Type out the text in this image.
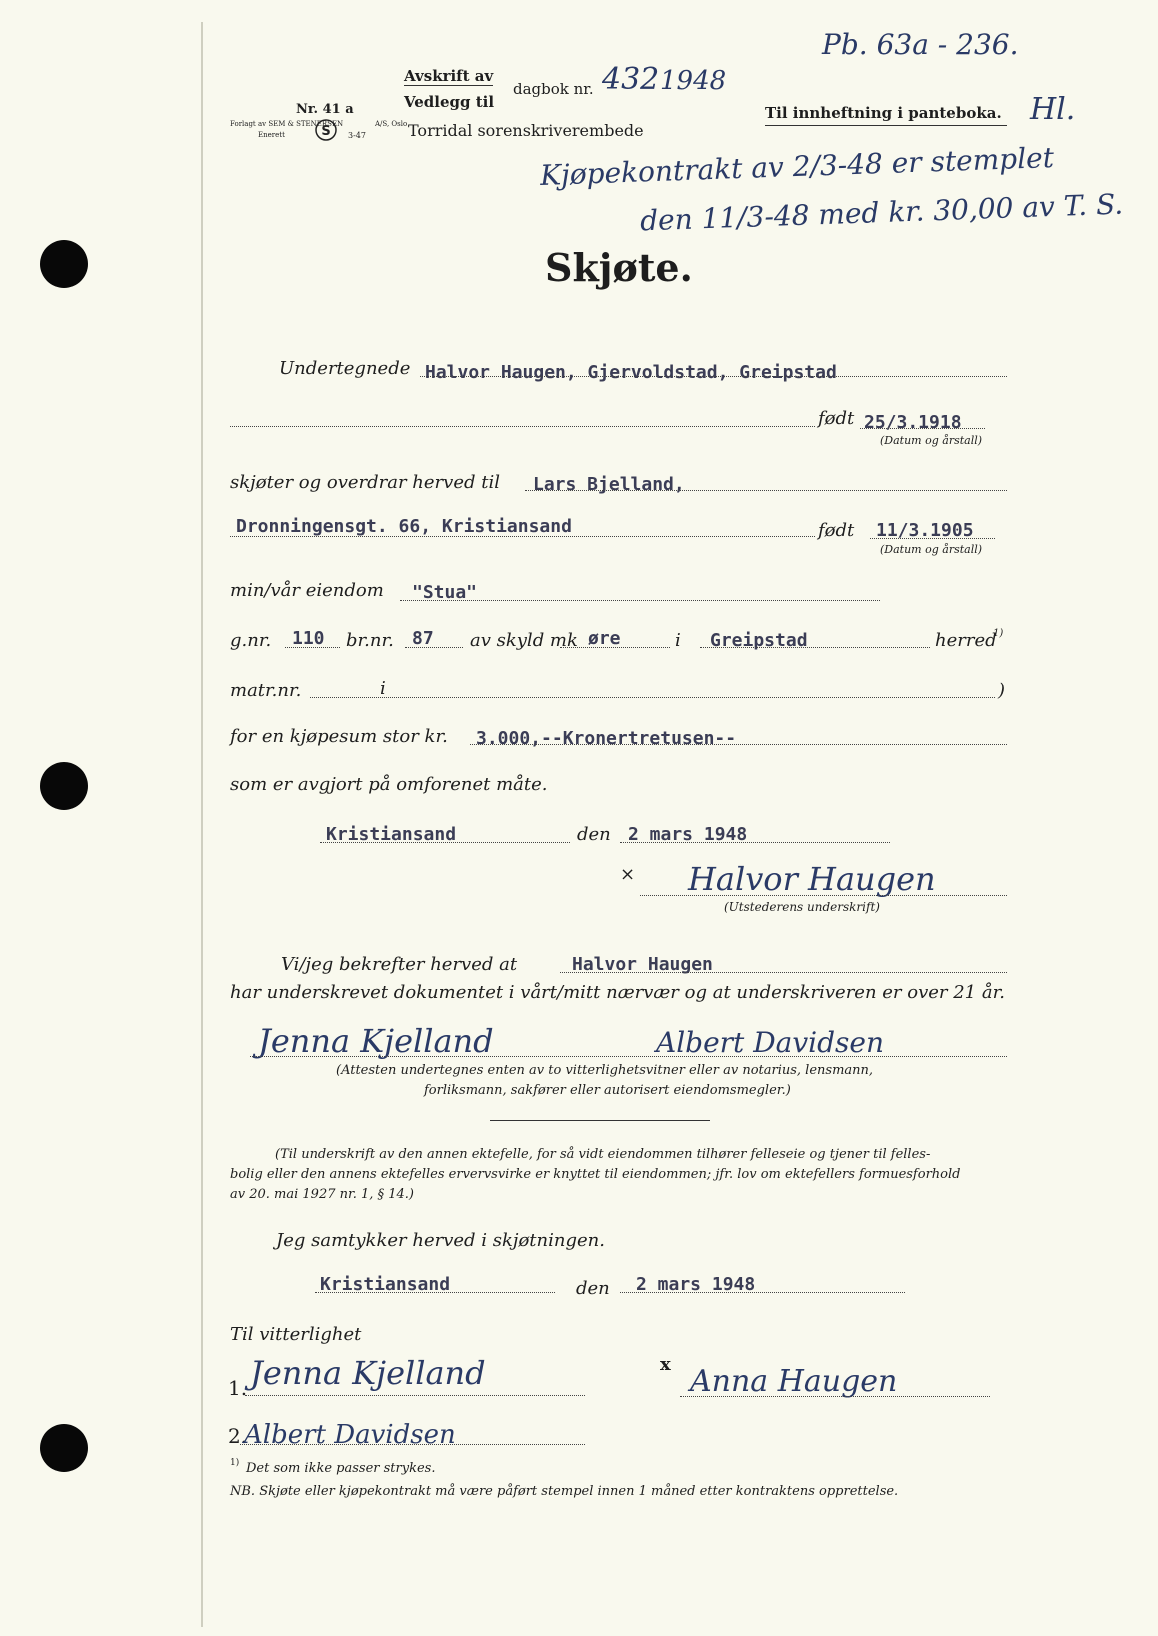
Nr. 41 a
Forlagt av SEM & STENERSEN	A/S, Oslo
Enerett	3-47
S
Avskrift av
Vedlegg til
dagbok nr. 432 1948
Torridal sorenskriverembede
Til innheftning i panteboka.
Pb. 63a - 236.
Hl.
Kjøpekontrakt av 2/3-48 er stemplet
den 11/3-48 med kr. 30,00 av T. S.
Skjøte.
Undertegnede Halvor Haugen, Gjervoldstad, Greipstad
født 25/3.1918
(Datum og årstall)
skjøter og overdrar herved til Lars Bjelland,
Dronningensgt. 66, Kristiansand	født 11/3.1905
(Datum og årstall)
min/vår eiendom "Stua"
g.nr. 110 br.nr. 87 av skyld mk øre	i Greipstad	herred
1)
matr.nr.	i	)
for en kjøpesum stor kr. 3.000,--Kronertretusen--
som er avgjort på omforenet måte.
Kristiansand	den 2 mars 1948
× Halvor Haugen
(Utstederens underskrift)
Vi/jeg bekrefter herved at	Halvor Haugen
har underskrevet dokumentet i vårt/mitt nærvær og at underskriveren er over 21 år.
Jenna Kjelland	Albert Davidsen
(Attesten undertegnes enten av to vitterlighetsvitner eller av notarius, lensmann,
forliksmann, sakfører eller autorisert eiendomsmegler.)
(Til underskrift av den annen ektefelle, for så vidt eiendommen tilhører felleseie og tjener til felles-
bolig eller den annens ektefelles ervervsvirke er knyttet til eiendommen; jfr. lov om ektefellers formuesforhold
av 20. mai 1927 nr. 1, § 14.)
Jeg samtykker herved i skjøtningen.
Kristiansand	den 2 mars 1948
Til vitterlighet
1. Jenna Kjelland	x Anna Haugen
2.
Albert Davidsen
1) Det som ikke passer strykes.
NB. Skjøte eller kjøpekontrakt må være påført stempel innen 1 måned etter kontraktens opprettelse.
